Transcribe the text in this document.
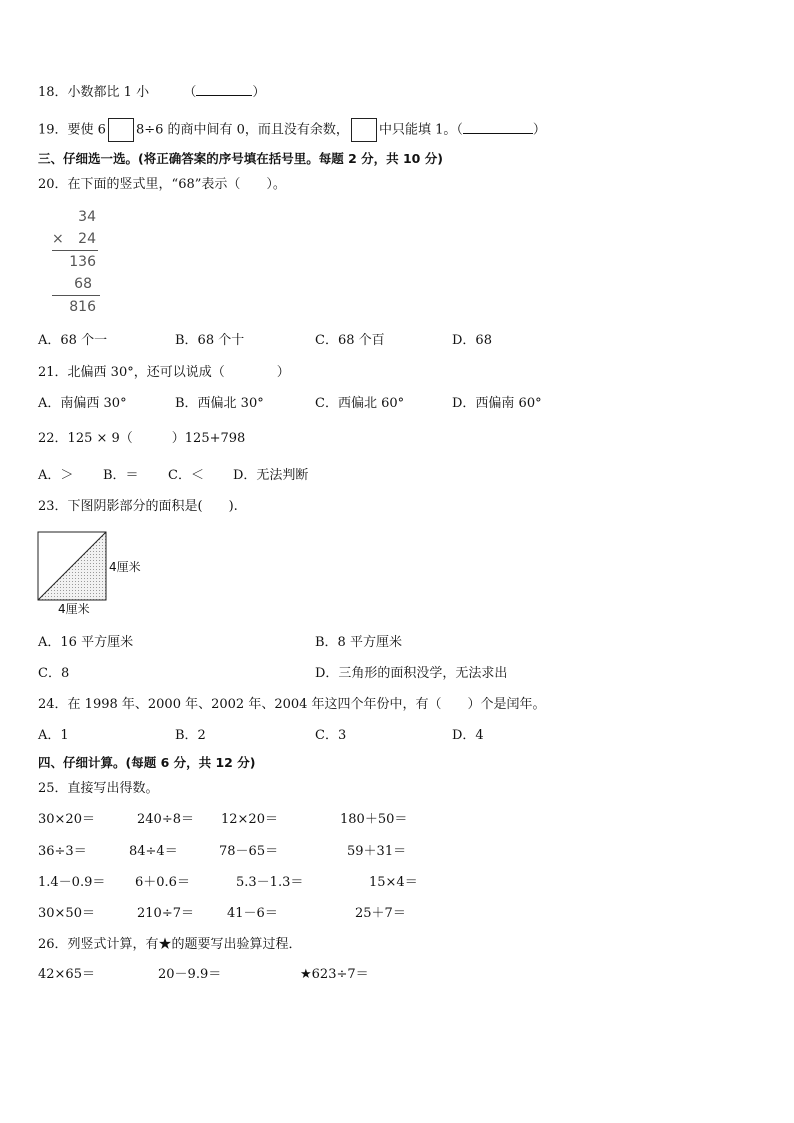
18．小数都比 1 小	（	）
19．要使 6 8÷6 的商中间有 0，而且没有余数， 中只能填 1。（	）
三、仔细选一选。(将正确答案的序号填在括号里。每题 2 分，共 10 分)
20．在下面的竖式里，“68”表示（　　）。
34
× 24
136
68
816
A．68 个一	B．68 个十	C．68 个百	D．68
21．北偏西 30°，还可以说成（　　　　）
A．南偏西 30°	B．西偏北 30°	C．西偏北 60°	D．西偏南 60°
22．125 × 9（　　　）125+798
A．＞ B．＝ C．＜ D．无法判断
23．下图阴影部分的面积是(　　).
4厘米
4厘米
A．16 平方厘米	B．8 平方厘米
C．8	D．三角形的面积没学，无法求出
24．在 1998 年、2000 年、2002 年、2004 年这四个年份中，有（　　）个是闰年。
A．1	B．2	C．3	D．4
四、仔细计算。(每题 6 分，共 12 分)
25．直接写出得数。
30×20＝	240÷8＝ 12×20＝	180＋50＝
36÷3＝	84÷4＝	78－65＝	59＋31＝
1.4－0.9＝ 6＋0.6＝	5.3－1.3＝	15×4＝
30×50＝	210÷7＝	41－6＝	25＋7＝
26．列竖式计算，有★的题要写出验算过程．
42×65＝	20－9.9＝	★623÷7＝
